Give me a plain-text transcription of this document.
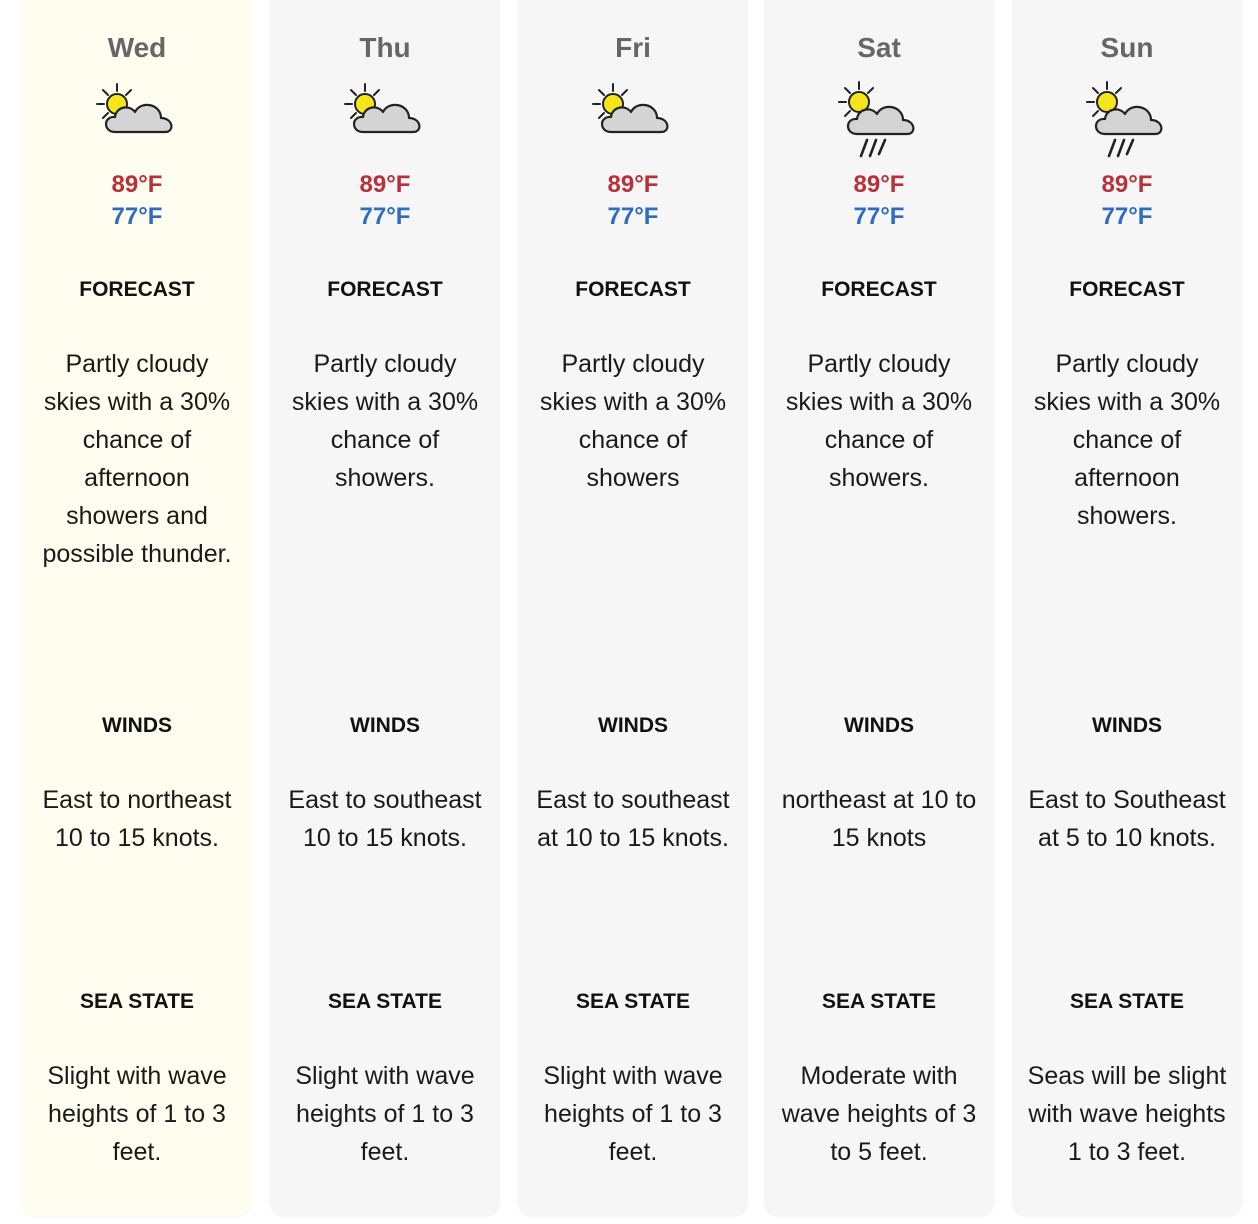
Wed
89°F
77°F
FORECAST
Partly cloudy skies with a 30% chance of afternoon showers and possible thunder.
WINDS
East to northeast 10 to 15 knots.
SEA STATE
Slight with wave heights of 1 to 3 feet.
Thu
89°F
77°F
FORECAST
Partly cloudy skies with a 30% chance of showers.
WINDS
East to southeast 10 to 15 knots.
SEA STATE
Slight with wave heights of 1 to 3 feet.
Fri
89°F
77°F
FORECAST
Partly cloudy skies with a 30% chance of showers
WINDS
East to southeast at 10 to 15 knots.
SEA STATE
Slight with wave heights of 1 to 3 feet.
Sat
89°F
77°F
FORECAST
Partly cloudy skies with a 30% chance of showers.
WINDS
northeast at 10 to 15 knots
SEA STATE
Moderate with wave heights of 3 to 5 feet.
Sun
89°F
77°F
FORECAST
Partly cloudy skies with a 30% chance of afternoon showers.
WINDS
East to Southeast at 5 to 10 knots.
SEA STATE
Seas will be slight with wave heights 1 to 3 feet.
